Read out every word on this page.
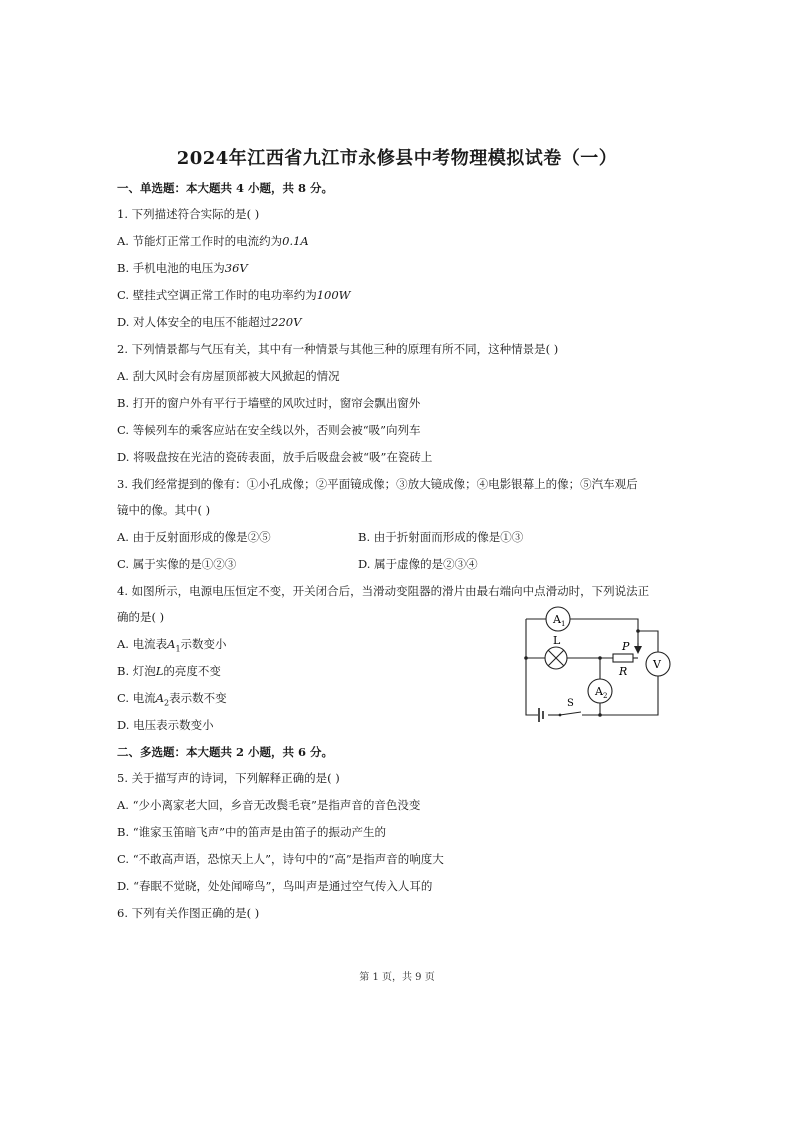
2024年江西省九江市永修县中考物理模拟试卷（一）
一、单选题：本大题共 4 小题，共 8 分。
1. 下列描述符合实际的是( )
A. 节能灯正常工作时的电流约为0.1A
B. 手机电池的电压为36V
C. 壁挂式空调正常工作时的电功率约为100W
D. 对人体安全的电压不能超过220V
2. 下列情景都与气压有关，其中有一种情景与其他三种的原理有所不同，这种情景是( )
A. 刮大风时会有房屋顶部被大风掀起的情况
B. 打开的窗户外有平行于墙壁的风吹过时，窗帘会飘出窗外
C. 等候列车的乘客应站在安全线以外，否则会被“吸”向列车
D. 将吸盘按在光洁的瓷砖表面，放手后吸盘会被“吸”在瓷砖上
3. 我们经常提到的像有：①小孔成像；②平面镜成像；③放大镜成像；④电影银幕上的像；⑤汽车观后
镜中的像。其中( )
A. 由于反射面形成的像是②⑤	B. 由于折射面而形成的像是①③
C. 属于实像的是①②③	D. 属于虚像的是②③④
4. 如图所示，电源电压恒定不变，开关闭合后，当滑动变阻器的滑片由最右端向中点滑动时，下列说法正
确的是( )
A. 电流表$A_1$示数变小
B. 灯泡L的亮度不变
C. 电流$A_2$表示数不变
D. 电压表示数变小
A 1
A 2
V
L	P
R
S
二、多选题：本大题共 2 小题，共 6 分。
5. 关于描写声的诗词，下列解释正确的是( )
A. “少小离家老大回，乡音无改鬓毛衰”是指声音的音色没变
B. “谁家玉笛暗飞声”中的笛声是由笛子的振动产生的
C. “不敢高声语，恐惊天上人”，诗句中的“高”是指声音的响度大
D. “春眠不觉晓，处处闻啼鸟”，鸟叫声是通过空气传入人耳的
6. 下列有关作图正确的是( )
第 1 页，共 9 页
